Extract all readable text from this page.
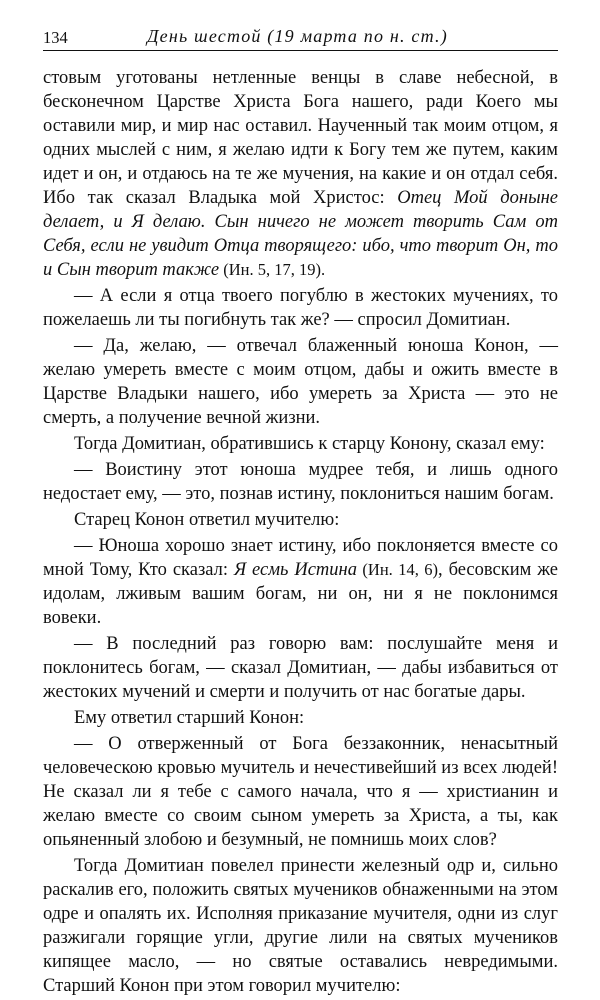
134	День шестой (19 марта по н. ст.)

стовым уготованы нетленные венцы в славе небесной, в бесконечном Царстве Христа Бога нашего, ради Коего мы оставили мир, и мир нас оставил. Наученный так моим отцом, я одних мыслей с ним, я желаю идти к Богу тем же путем, каким идет и он, и отдаюсь на те же мучения, на какие и он отдал себя. Ибо так сказал Владыка мой Христос: Отец Мой доныне делает, и Я делаю. Сын ничего не может творить Сам от Себя, если не увидит Отца творящего: ибо, что творит Он, то и Сын творит также (Ин. 5, 17, 19).

— А если я отца твоего погублю в жестоких мучениях, то пожелаешь ли ты погибнуть так же? — спросил Домитиан.

— Да, желаю, — отвечал блаженный юноша Конон, — желаю умереть вместе с моим отцом, дабы и ожить вместе в Царстве Владыки нашего, ибо умереть за Христа — это не смерть, а получение вечной жизни.

Тогда Домитиан, обратившись к старцу Конону, сказал ему:

— Воистину этот юноша мудрее тебя, и лишь одного недостает ему, — это, познав истину, поклониться нашим богам.

Старец Конон ответил мучителю:

— Юноша хорошо знает истину, ибо поклоняется вместе со мной Тому, Кто сказал: Я есмь Истина (Ин. 14, 6), бесовским же идолам, лживым вашим богам, ни он, ни я не поклонимся вовеки.

— В последний раз говорю вам: послушайте меня и поклонитесь богам, — сказал Домитиан, — дабы избавиться от жестоких мучений и смерти и получить от нас богатые дары.

Ему ответил старший Конон:

— О отверженный от Бога беззаконник, ненасытный человеческою кровью мучитель и нечестивейший из всех людей! Не сказал ли я тебе с самого начала, что я — христианин и желаю вместе со своим сыном умереть за Христа, а ты, как опьяненный злобою и безумный, не помнишь моих слов?

Тогда Домитиан повелел принести железный одр и, сильно раскалив его, положить святых мучеников обнаженными на этом одре и опалять их. Исполняя приказание мучителя, одни из слуг разжигали горящие угли, другие лили на святых мучеников кипящее масло, — но святые оставались невредимыми. Старший Конон при этом говорил мучителю:
